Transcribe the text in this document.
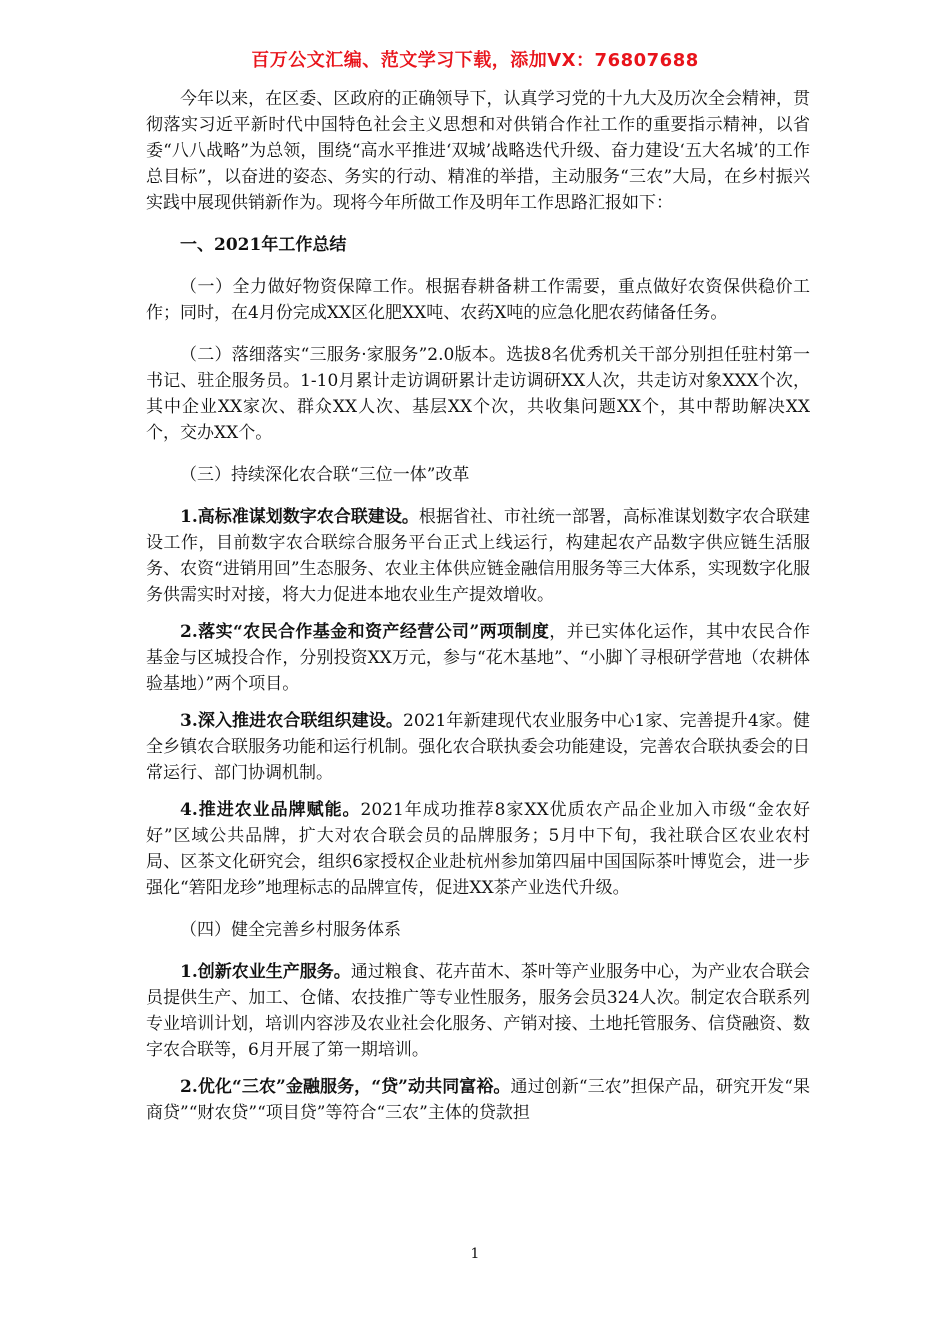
百万公文汇编、范文学习下载，添加VX：76807688

今年以来，在区委、区政府的正确领导下，认真学习党的十九大及历次全会精神，贯彻落实习近平新时代中国特色社会主义思想和对供销合作社工作的重要指示精神，以省委“八八战略”为总领，围绕“高水平推进‘双城’战略迭代升级、奋力建设‘五大名城’的工作总目标”，以奋进的姿态、务实的行动、精准的举措，主动服务“三农”大局，在乡村振兴实践中展现供销新作为。现将今年所做工作及明年工作思路汇报如下：

一、2021年工作总结

（一）全力做好物资保障工作。根据春耕备耕工作需要，重点做好农资保供稳价工作；同时，在4月份完成XX区化肥XX吨、农药X吨的应急化肥农药储备任务。

（二）落细落实“三服务·家服务”2.0版本。选拔8名优秀机关干部分别担任驻村第一书记、驻企服务员。1-10月累计走访调研累计走访调研XX人次，共走访对象XXX个次，其中企业XX家次、群众XX人次、基层XX个次，共收集问题XX个，其中帮助解决XX个，交办XX个。

（三）持续深化农合联“三位一体”改革

1.高标准谋划数字农合联建设。根据省社、市社统一部署，高标准谋划数字农合联建设工作，目前数字农合联综合服务平台正式上线运行，构建起农产品数字供应链生活服务、农资“进销用回”生态服务、农业主体供应链金融信用服务等三大体系，实现数字化服务供需实时对接，将大力促进本地农业生产提效增收。

2.落实“农民合作基金和资产经营公司”两项制度，并已实体化运作，其中农民合作基金与区城投合作，分别投资XX万元，参与“花木基地”、“小脚丫寻根研学营地（农耕体验基地）”两个项目。

3.深入推进农合联组织建设。2021年新建现代农业服务中心1家、完善提升4家。健全乡镇农合联服务功能和运行机制。强化农合联执委会功能建设，完善农合联执委会的日常运行、部门协调机制。

4.推进农业品牌赋能。2021年成功推荐8家XX优质农产品企业加入市级“金农好好”区域公共品牌，扩大对农合联会员的品牌服务；5月中下旬，我社联合区农业农村局、区茶文化研究会，组织6家授权企业赴杭州参加第四届中国国际茶叶博览会，进一步强化“箬阳龙珍”地理标志的品牌宣传，促进XX茶产业迭代升级。

（四）健全完善乡村服务体系

1.创新农业生产服务。通过粮食、花卉苗木、茶叶等产业服务中心，为产业农合联会员提供生产、加工、仓储、农技推广等专业性服务，服务会员324人次。制定农合联系列专业培训计划，培训内容涉及农业社会化服务、产销对接、土地托管服务、信贷融资、数字农合联等，6月开展了第一期培训。

2.优化“三农”金融服务，“贷”动共同富裕。通过创新“三农”担保产品，研究开发“果商贷”“财农贷”“项目贷”等符合“三农”主体的贷款担

1
